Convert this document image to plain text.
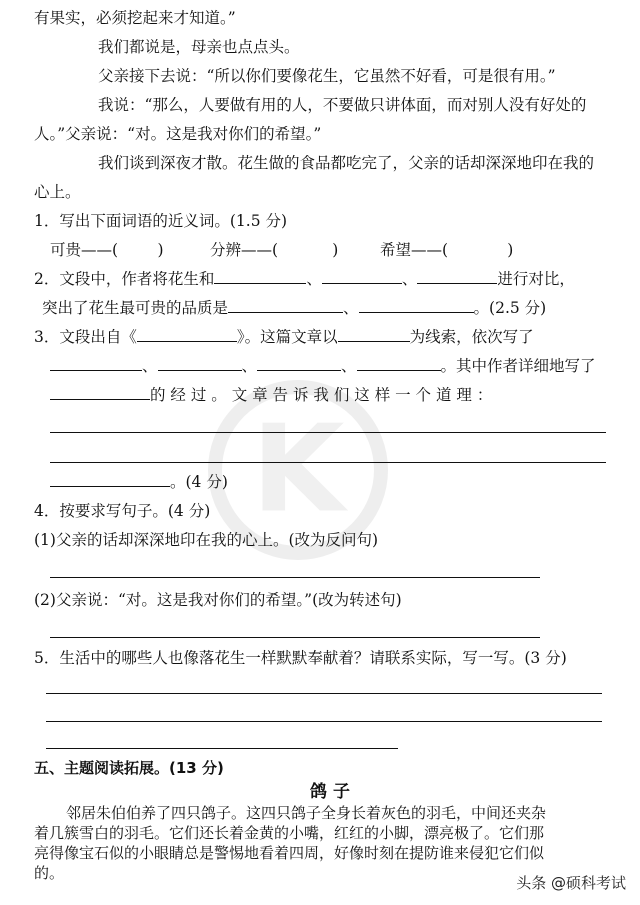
K
有果实，必须挖起来才知道。”
我们都说是，母亲也点点头。
父亲接下去说：“所以你们要像花生，它虽然不好看，可是很有用。”
我说：“那么，人要做有用的人，不要做只讲体面，而对别人没有好处的
人。”父亲说：“对。这是我对你们的希望。”
我们谈到深夜才散。花生做的食品都吃完了，父亲的话却深深地印在我的
心上。
1．写出下面词语的近义词。(1.5 分)
可贵——(	)	分辨——(	)	希望——(	)
2．文段中，作者将花生和	、	、	进行对比，
突出了花生最可贵的品质是	、	。(2.5 分)
3．文段出自《	》。这篇文章以	为线索，依次写了
、	、	、	。其中作者详细地写了
的 经 过 。 文 章 告 诉 我 们 这 样 一 个 道 理 ：
。(4 分)
4．按要求写句子。(4 分)
(1)父亲的话却深深地印在我的心上。(改为反问句)
(2)父亲说：“对。这是我对你们的希望。”(改为转述句)
5．生活中的哪些人也像落花生一样默默奉献着？请联系实际，写一写。(3 分)
五、主题阅读拓展。(13 分)
鸽 子
邻居朱伯伯养了四只鸽子。这四只鸽子全身长着灰色的羽毛，中间还夹杂
着几簇雪白的羽毛。它们还长着金黄的小嘴，红红的小脚，漂亮极了。它们那
亮得像宝石似的小眼睛总是警惕地看着四周，好像时刻在提防谁来侵犯它们似
的。
头条 @硕科考试
